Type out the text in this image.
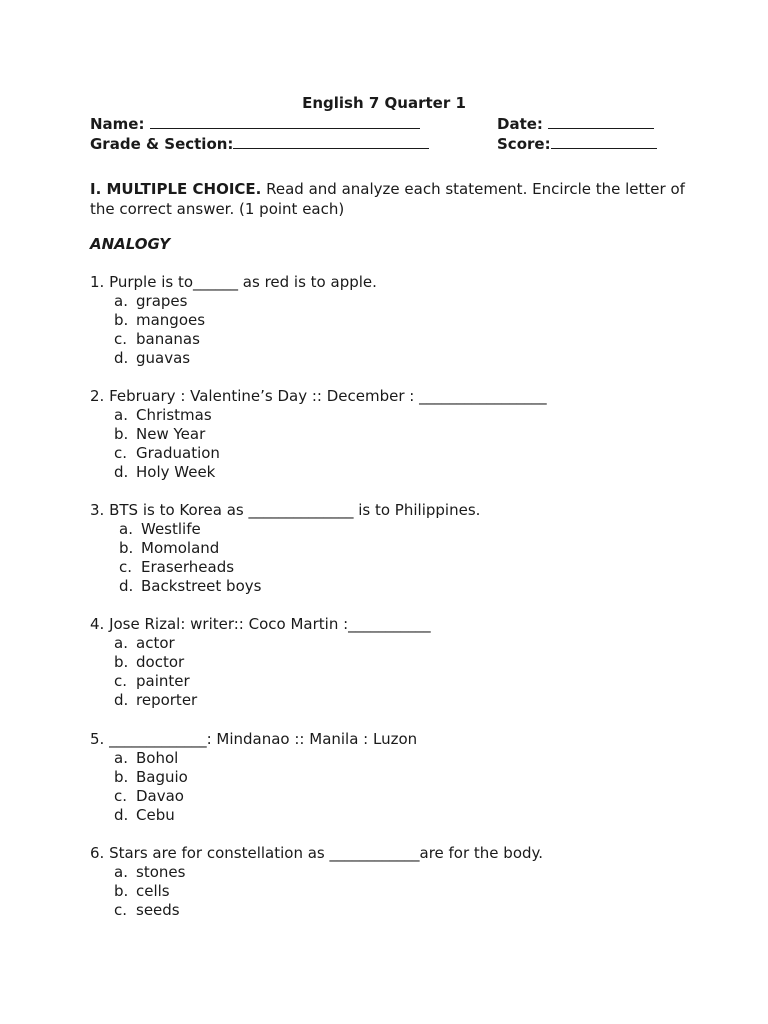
English 7 Quarter 1
Name:	Date:
Grade & Section:	Score:
I. MULTIPLE CHOICE. Read and analyze each statement. Encircle the letter of the correct answer. (1 point each)
ANALOGY
1. Purple is to______ as red is to apple.
a. grapes
b. mangoes
c. bananas
d. guavas
2. February : Valentine’s Day :: December : _________________
a. Christmas
b. New Year
c. Graduation
d. Holy Week
3. BTS is to Korea as ______________ is to Philippines.
a. Westlife
b. Momoland
c. Eraserheads
d. Backstreet boys
4. Jose Rizal: writer:: Coco Martin :___________
a. actor
b. doctor
c. painter
d. reporter
5. _____________: Mindanao :: Manila : Luzon
a. Bohol
b. Baguio
c. Davao
d. Cebu
6. Stars are for constellation as ____________are for the body.
a. stones
b. cells
c. seeds
